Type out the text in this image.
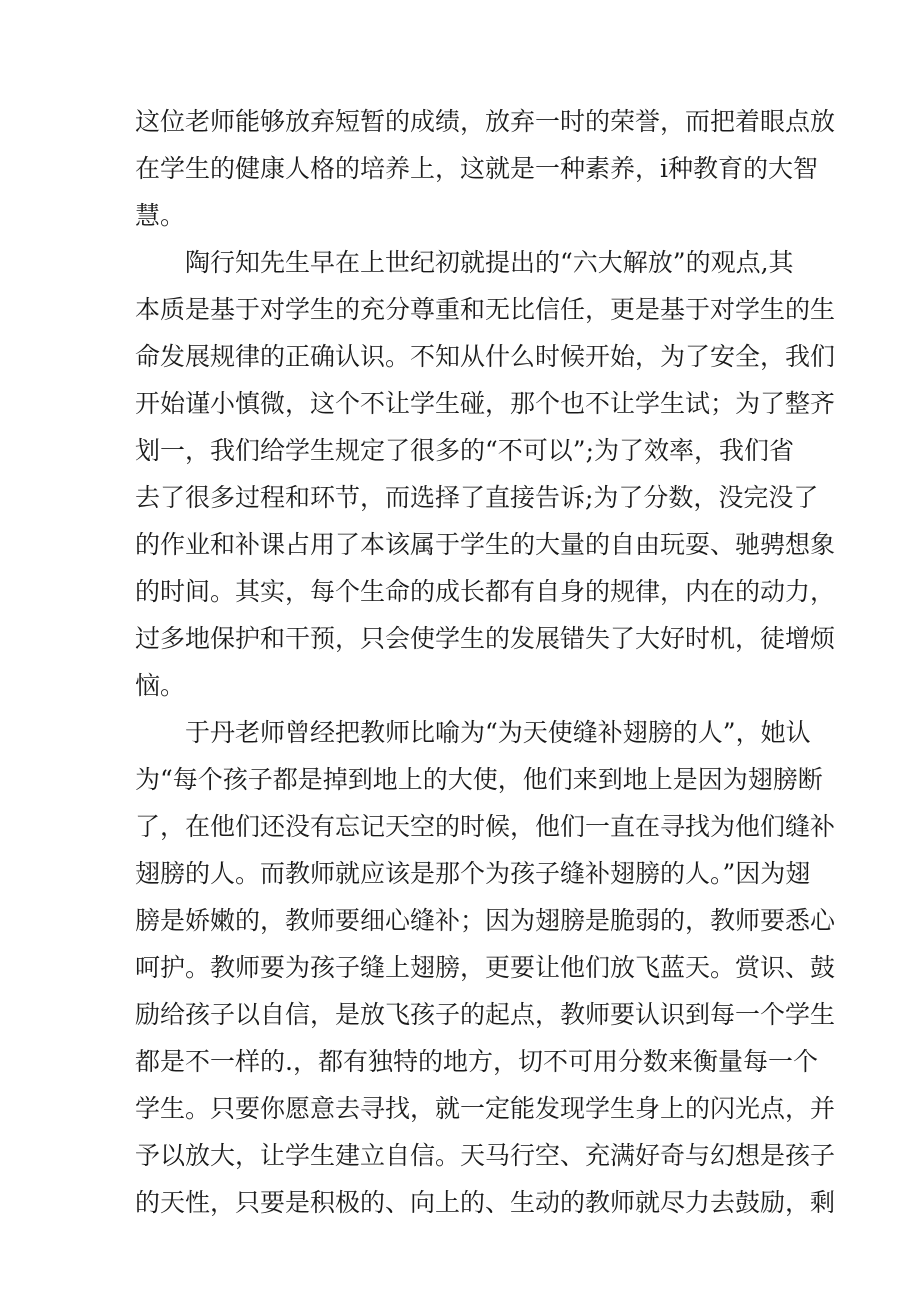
这位老师能够放弃短暂的成绩，放弃一时的荣誉，而把着眼点放
在学生的健康人格的培养上，这就是一种素养，i种教育的大智
慧。
　　陶行知先生早在上世纪初就提出的“六大解放”的观点,其
本质是基于对学生的充分尊重和无比信任，更是基于对学生的生
命发展规律的正确认识。不知从什么时候开始，为了安全，我们
开始谨小慎微，这个不让学生碰，那个也不让学生试；为了整齐
划一，我们给学生规定了很多的“不可以”;为了效率，我们省
去了很多过程和环节，而选择了直接告诉;为了分数，没完没了
的作业和补课占用了本该属于学生的大量的自由玩耍、驰骋想象
的时间。其实，每个生命的成长都有自身的规律，内在的动力，
过多地保护和干预，只会使学生的发展错失了大好时机，徒增烦
恼。
　　于丹老师曾经把教师比喻为“为天使缝补翅膀的人”，她认
为“每个孩子都是掉到地上的大使，他们来到地上是因为翅膀断
了，在他们还没有忘记天空的时候，他们一直在寻找为他们缝补
翅膀的人。而教师就应该是那个为孩子缝补翅膀的人。”因为翅
膀是娇嫩的，教师要细心缝补；因为翅膀是脆弱的，教师要悉心
呵护。教师要为孩子缝上翅膀，更要让他们放飞蓝天。赏识、鼓
励给孩子以自信，是放飞孩子的起点，教师要认识到每一个学生
都是不一样的.，都有独特的地方，切不可用分数来衡量每一个
学生。只要你愿意去寻找，就一定能发现学生身上的闪光点，并
予以放大，让学生建立自信。天马行空、充满好奇与幻想是孩子
的天性，只要是积极的、向上的、生动的教师就尽力去鼓励，剩
